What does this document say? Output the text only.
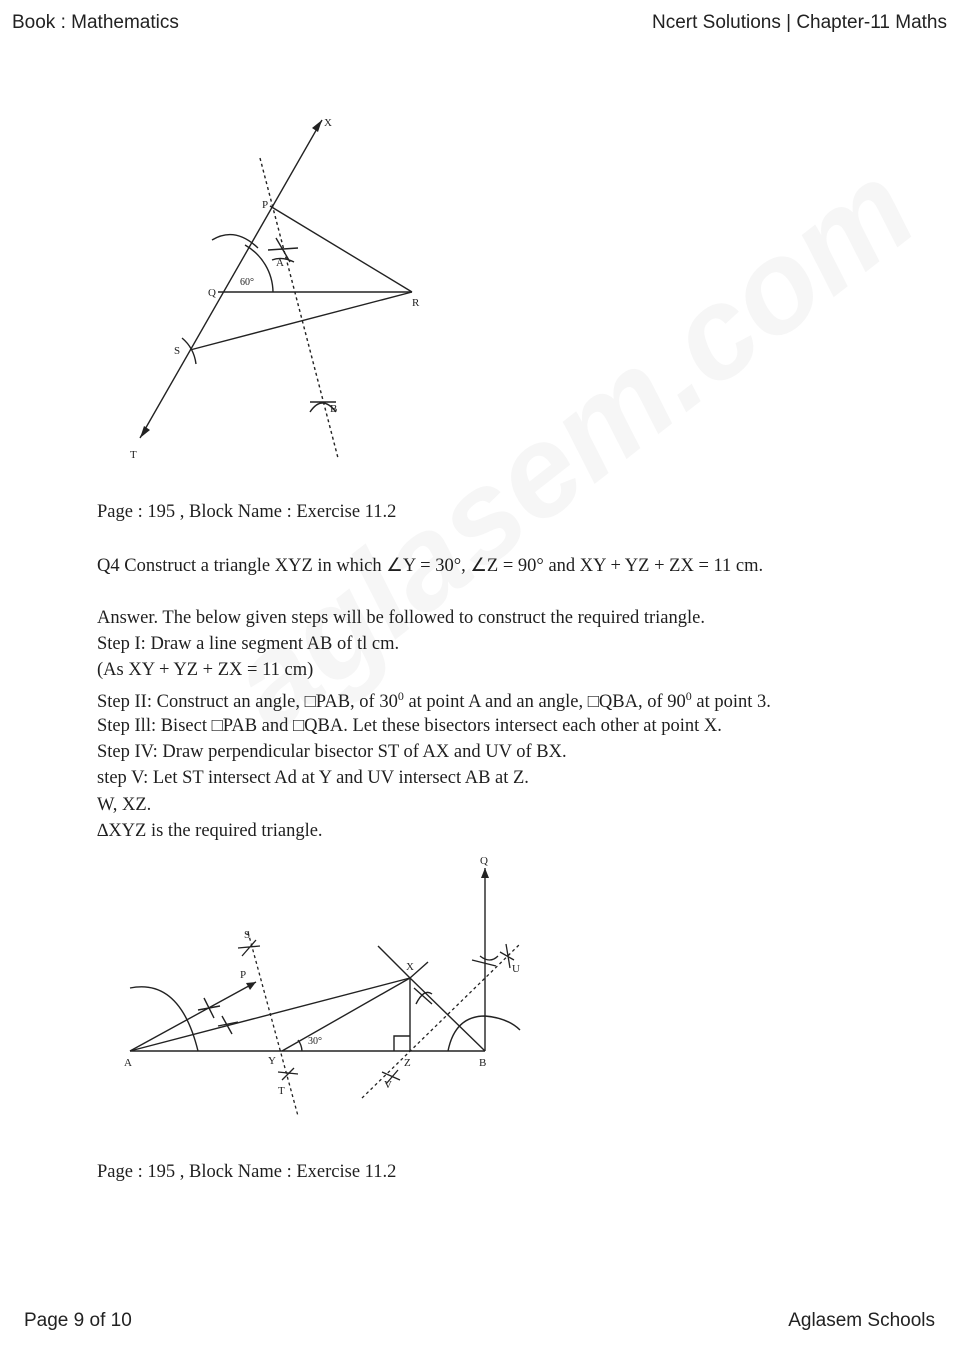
Book : Mathematics	Ncert Solutions | Chapter-11 Maths
X
P
A
Q
R
S
B
T
60°
Page : 195 , Block Name : Exercise 11.2
Q4 Construct a triangle XYZ in which ∠Y = 30°, ∠Z = 90° and XY + YZ + ZX = 11 cm.
Answer. The below given steps will be followed to construct the required triangle.
Step I: Draw a line segment AB of tl cm.
(As XY + YZ + ZX = 11 cm)
Step II: Construct an angle, □PAB, of $30^0$ at point A and an angle, □QBA, of $90^0$ at point 3.
Step Ill: Bisect □PAB and □QBA. Let these bisectors intersect each other at point X.
Step IV: Draw perpendicular bisector ST of AX and UV of BX.
step V: Let ST intersect Ad at Y and UV intersect AB at Z.
W, XZ.
∆XYZ is the required triangle.
Q
S
P
X	U
A	Y	Z	B
T	V
30°
Page : 195 , Block Name : Exercise 11.2
Page 9 of 10	Aglasem Schools
